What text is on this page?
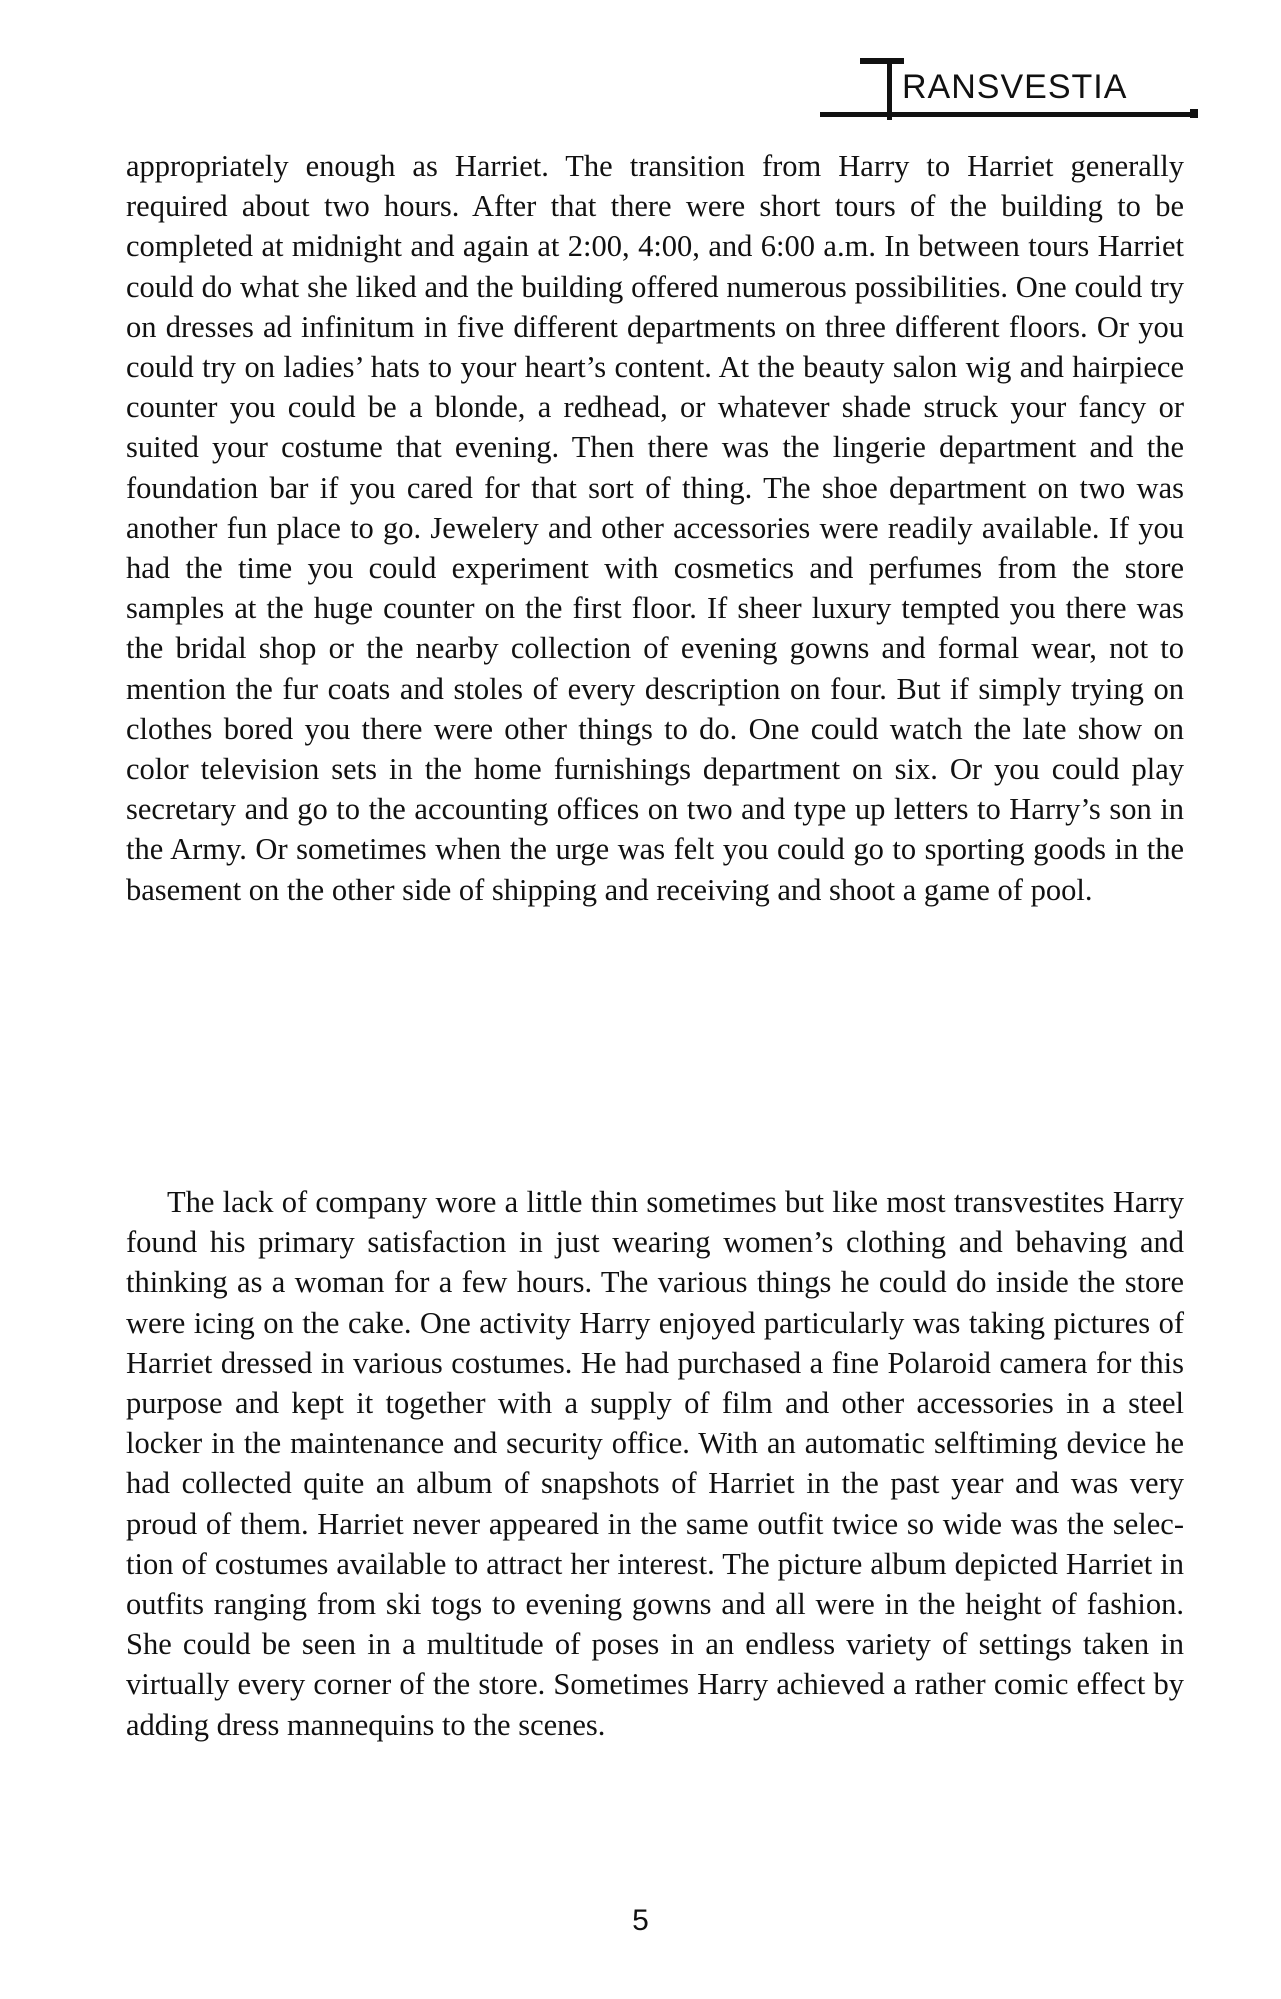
RANSVESTIA

appropriately enough as Harriet. The transition from Harry to Harriet generally required about two hours. After that there were short tours of the building to be completed at midnight and again at 2:00, 4:00, and 6:00 a.m. In between tours Harriet could do what she liked and the building offered numerous possibilities. One could try on dresses ad infinitum in five different departments on three different floors. Or you could try on ladies’ hats to your heart’s content. At the beauty salon wig and hairpiece counter you could be a blonde, a redhead, or whatever shade struck your fancy or suited your costume that evening. Then there was the lingerie department and the foundation bar if you cared for that sort of thing. The shoe department on two was another fun place to go. Jewelery and other accessories were readily available. If you had the time you could experiment with cosmetics and perfumes from the store samples at the huge counter on the first floor. If sheer luxury tempted you there was the bridal shop or the nearby collection of evening gowns and formal wear, not to mention the fur coats and stoles of every description on four. But if simply trying on clothes bored you there were other things to do. One could watch the late show on color television sets in the home furnishings department on six. Or you could play secretary and go to the accounting offices on two and type up letters to Harry’s son in the Army. Or sometimes when the urge was felt you could go to sporting goods in the basement on the other side of shipping and receiving and shoot a game of pool.

The lack of company wore a little thin sometimes but like most transvestites Harry found his primary satisfaction in just wearing women’s clothing and behaving and thinking as a woman for a few hours. The various things he could do inside the store were icing on the cake. One activity Harry enjoyed particularly was taking pictures of Harriet dressed in various costumes. He had purchased a fine Polaroid camera for this purpose and kept it together with a supply of film and other accessories in a steel locker in the maintenance and security office. With an automatic selftiming device he had collected quite an album of snapshots of Harriet in the past year and was very proud of them. Harriet never appeared in the same outfit twice so wide was the selection of costumes available to attract her interest. The picture album depicted Harriet in outfits ranging from ski togs to evening gowns and all were in the height of fashion. She could be seen in a multitude of poses in an endless variety of settings taken in virtually every corner of the store. Sometimes Harry achieved a rather comic effect by adding dress mannequins to the scenes.

5
